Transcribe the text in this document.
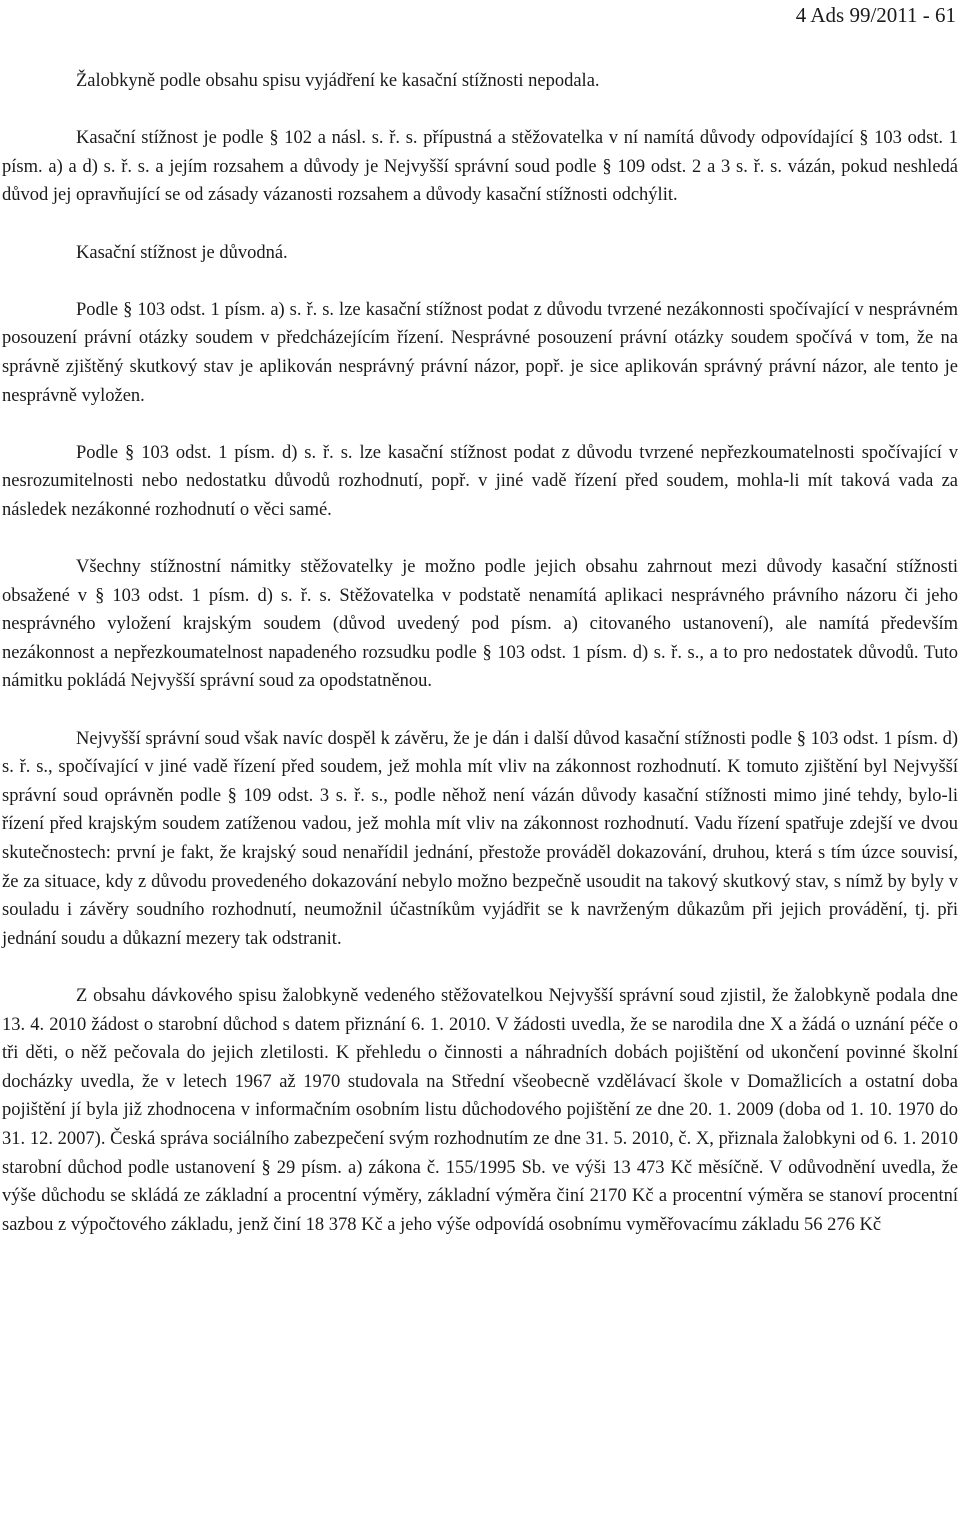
4 Ads 99/2011 - 61

Žalobkyně podle obsahu spisu vyjádření ke kasační stížnosti nepodala.

Kasační stížnost je podle § 102 a násl. s. ř. s. přípustná a stěžovatelka v ní namítá důvody odpovídající § 103 odst. 1 písm. a) a d) s. ř. s. a jejím rozsahem a důvody je Nejvyšší správní soud podle § 109 odst. 2 a 3 s. ř. s. vázán, pokud neshledá důvod jej opravňující se od zásady vázanosti rozsahem a důvody kasační stížnosti odchýlit.

Kasační stížnost je důvodná.

Podle § 103 odst. 1 písm. a) s. ř. s. lze kasační stížnost podat z důvodu tvrzené nezákonnosti spočívající v nesprávném posouzení právní otázky soudem v předcházejícím řízení. Nesprávné posouzení právní otázky soudem spočívá v tom, že na správně zjištěný skutkový stav je aplikován nesprávný právní názor, popř. je sice aplikován správný právní názor, ale tento je nesprávně vyložen.

Podle § 103 odst. 1 písm. d) s. ř. s. lze kasační stížnost podat z důvodu tvrzené nepřezkoumatelnosti spočívající v nesrozumitelnosti nebo nedostatku důvodů rozhodnutí, popř. v jiné vadě řízení před soudem, mohla-li mít taková vada za následek nezákonné rozhodnutí o věci samé.

Všechny stížnostní námitky stěžovatelky je možno podle jejich obsahu zahrnout mezi důvody kasační stížnosti obsažené v § 103 odst. 1 písm. d) s. ř. s. Stěžovatelka v podstatě nenamítá aplikaci nesprávného právního názoru či jeho nesprávného vyložení krajským soudem (důvod uvedený pod písm. a) citovaného ustanovení), ale namítá především nezákonnost a nepřezkoumatelnost napadeného rozsudku podle § 103 odst. 1 písm. d) s. ř. s., a to pro nedostatek důvodů. Tuto námitku pokládá Nejvyšší správní soud za opodstatněnou.

Nejvyšší správní soud však navíc dospěl k závěru, že je dán i další důvod kasační stížnosti podle § 103 odst. 1 písm. d) s. ř. s., spočívající v jiné vadě řízení před soudem, jež mohla mít vliv na zákonnost rozhodnutí. K tomuto zjištění byl Nejvyšší správní soud oprávněn podle § 109 odst. 3 s. ř. s., podle něhož není vázán důvody kasační stížnosti mimo jiné tehdy, bylo-li řízení před krajským soudem zatíženou vadou, jež mohla mít vliv na zákonnost rozhodnutí. Vadu řízení spatřuje zdejší ve dvou skutečnostech: první je fakt, že krajský soud nenařídil jednání, přestože prováděl dokazování, druhou, která s tím úzce souvisí, že za situace, kdy z důvodu provedeného dokazování nebylo možno bezpečně usoudit na takový skutkový stav, s nímž by byly v souladu i závěry soudního rozhodnutí, neumožnil účastníkům vyjádřit se k navrženým důkazům při jejich provádění, tj. při jednání soudu a důkazní mezery tak odstranit.

Z obsahu dávkového spisu žalobkyně vedeného stěžovatelkou Nejvyšší správní soud zjistil, že žalobkyně podala dne 13. 4. 2010 žádost o starobní důchod s datem přiznání 6. 1. 2010. V žádosti uvedla, že se narodila dne X a žádá o uznání péče o tři děti, o něž pečovala do jejich zletilosti. K přehledu o činnosti a náhradních dobách pojištění od ukončení povinné školní docházky uvedla, že v letech 1967 až 1970 studovala na Střední všeobecně vzdělávací škole v Domažlicích a ostatní doba pojištění jí byla již zhodnocena v informačním osobním listu důchodového pojištění ze dne 20. 1. 2009 (doba od 1. 10. 1970 do 31. 12. 2007). Česká správa sociálního zabezpečení svým rozhodnutím ze dne 31. 5. 2010, č. X, přiznala žalobkyni od 6. 1. 2010 starobní důchod podle ustanovení § 29 písm. a) zákona č. 155/1995 Sb. ve výši 13 473 Kč měsíčně. V odůvodnění uvedla, že výše důchodu se skládá ze základní a procentní výměry, základní výměra činí 2170 Kč a procentní výměra se stanoví procentní sazbou z výpočtového základu, jenž činí 18 378 Kč a jeho výše odpovídá osobnímu vyměřovacímu základu 56 276 Kč
